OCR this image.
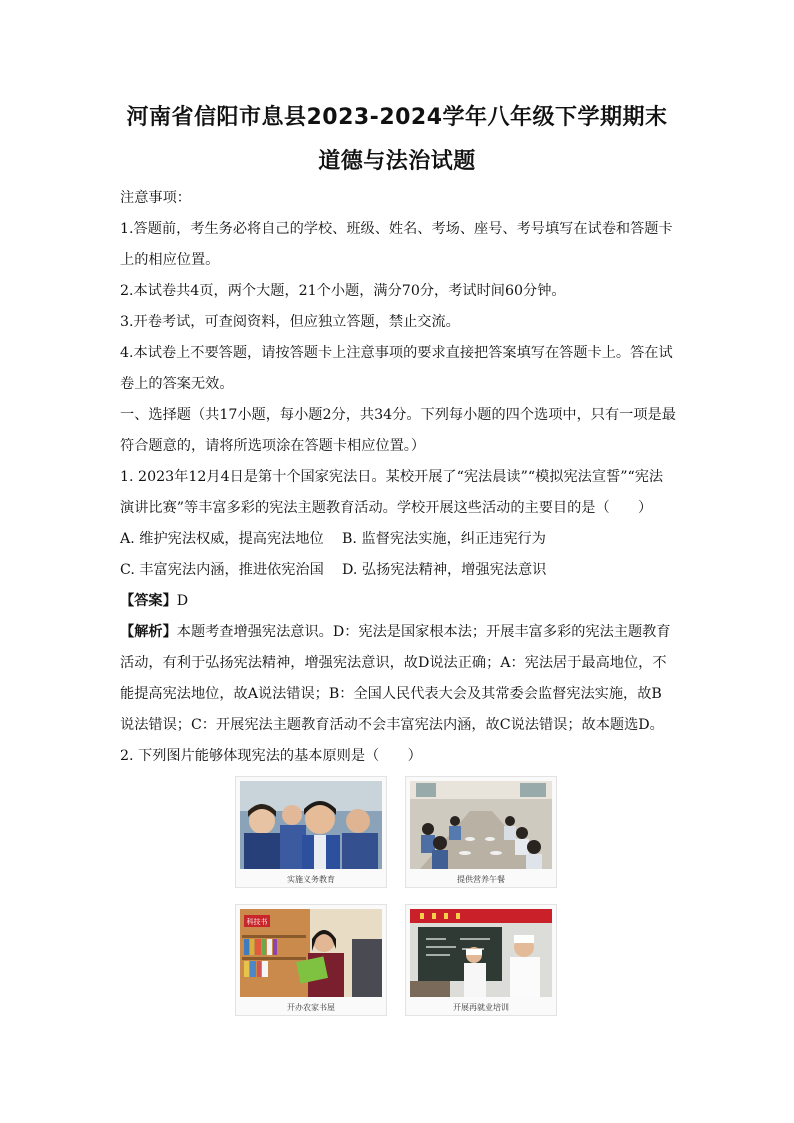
河南省信阳市息县2023-2024学年八年级下学期期末
道德与法治试题

注意事项：

1.答题前，考生务必将自己的学校、班级、姓名、考场、座号、考号填写在试卷和答题卡上的相应位置。

2.本试卷共4页，两个大题，21个小题，满分70分，考试时间60分钟。

3.开卷考试，可查阅资料，但应独立答题，禁止交流。

4.本试卷上不要答题，请按答题卡上注意事项的要求直接把答案填写在答题卡上。答在试卷上的答案无效。

一、选择题（共17小题，每小题2分，共34分。下列每小题的四个选项中，只有一项是最符合题意的，请将所选项涂在答题卡相应位置。）

1. 2023年12月4日是第十个国家宪法日。某校开展了“宪法晨读”“模拟宪法宣誓”“宪法演讲比赛”等丰富多彩的宪法主题教育活动。学校开展这些活动的主要目的是（　　）

A. 维护宪法权威，提高宪法地位	B. 监督宪法实施，纠正违宪行为
C. 丰富宪法内涵，推进依宪治国	D. 弘扬宪法精神，增强宪法意识

【答案】D

【解析】本题考查增强宪法意识。D：宪法是国家根本法；开展丰富多彩的宪法主题教育活动，有利于弘扬宪法精神，增强宪法意识，故D说法正确；A：宪法居于最高地位，不能提高宪法地位，故A说法错误；B：全国人民代表大会及其常委会监督宪法实施，故B说法错误；C：开展宪法主题教育活动不会丰富宪法内涵，故C说法错误；故本题选D。

2. 下列图片能够体现宪法的基本原则是（　　）

实施义务教育	提供营养午餐
科技书
开办农家书屋	开展再就业培训
